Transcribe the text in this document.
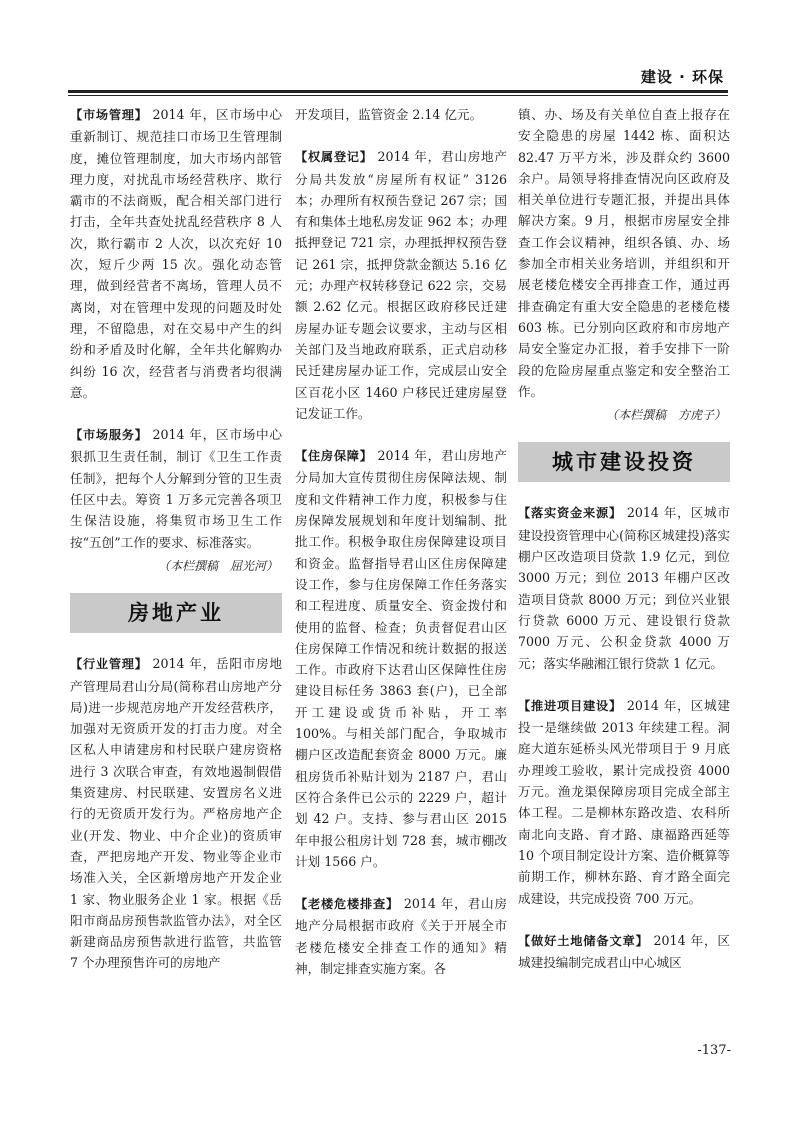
建设 · 环保

【市场管理】 2014 年，区市场中心重新制订、规范挂口市场卫生管理制度，摊位管理制度，加大市场内部管理力度，对扰乱市场经营秩序、欺行霸市的不法商贩，配合相关部门进行打击，全年共查处扰乱经营秩序 8 人次，欺行霸市 2 人次，以次充好 10 次，短斤少两 15 次。强化动态管理，做到经营者不离场，管理人员不离岗，对在管理中发现的问题及时处理，不留隐患，对在交易中产生的纠纷和矛盾及时化解，全年共化解购办纠纷 16 次，经营者与消费者均很满意。

【市场服务】 2014 年，区市场中心狠抓卫生责任制，制订《卫生工作责任制》，把每个人分解到分管的卫生责任区中去。筹资 1 万多元完善各项卫生保洁设施，将集贸市场卫生工作按“五创”工作的要求、标准落实。

（本栏撰稿　屈光河）
房地产业

【行业管理】 2014 年，岳阳市房地产管理局君山分局(简称君山房地产分局)进一步规范房地产开发经营秩序，加强对无资质开发的打击力度。对全区私人申请建房和村民联户建房资格进行 3 次联合审查，有效地遏制假借集资建房、村民联建、安置房名义进行的无资质开发行为。严格房地产企业(开发、物业、中介企业)的资质审查，严把房地产开发、物业等企业市场准入关，全区新增房地产开发企业 1 家、物业服务企业 1 家。根据《岳阳市商品房预售款监管办法》，对全区新建商品房预售款进行监管，共监管 7 个办理预售许可的房地产

开发项目，监管资金 2.14 亿元。

【权属登记】 2014 年，君山房地产分局共发放“房屋所有权证” 3126 本；办理所有权预告登记 267 宗；国有和集体土地私房发证 962 本；办理抵押登记 721 宗，办理抵押权预告登记 261 宗，抵押贷款金额达 5.16 亿元；办理产权转移登记 622 宗，交易额 2.62 亿元。根据区政府移民迁建房屋办证专题会议要求，主动与区相关部门及当地政府联系，正式启动移民迁建房屋办证工作，完成层山安全区百花小区 1460 户移民迁建房屋登记发证工作。

【住房保障】 2014 年，君山房地产分局加大宣传贯彻住房保障法规、制度和文件精神工作力度，积极参与住房保障发展规划和年度计划编制、批批工作。积极争取住房保障建设项目和资金。监督指导君山区住房保障建设工作，参与住房保障工作任务落实和工程进度、质量安全、资金拨付和使用的监督、检查；负责督促君山区住房保障工作情况和统计数据的报送工作。市政府下达君山区保障性住房建设目标任务 3863 套(户)，已全部开工建设或货币补贴，开工率 100%。与相关部门配合，争取城市棚户区改造配套资金 8000 万元。廉租房货币补贴计划为 2187 户，君山区符合条件已公示的 2229 户，超计划 42 户。支持、参与君山区 2015 年申报公租房计划 728 套，城市棚改计划 1566 户。

【老楼危楼排查】 2014 年，君山房地产分局根据市政府《关于开展全市老楼危楼安全排查工作的通知》精神，制定排查实施方案。各

镇、办、场及有关单位自查上报存在安全隐患的房屋 1442 栋、面积达 82.47 万平方米，涉及群众约 3600 余户。局领导将排查情况向区政府及相关单位进行专题汇报，并提出具体解决方案。9 月，根据市房屋安全排查工作会议精神，组织各镇、办、场参加全市相关业务培训，并组织和开展老楼危楼安全再排查工作，通过再排查确定有重大安全隐患的老楼危楼 603 栋。已分别向区政府和市房地产局安全鉴定办汇报，着手安排下一阶段的危险房屋重点鉴定和安全整治工作。

（本栏撰稿　方虎子）
城市建设投资

【落实资金来源】 2014 年，区城市建设投资管理中心(简称区城建投)落实棚户区改造项目贷款 1.9 亿元，到位 3000 万元；到位 2013 年棚户区改造项目贷款 8000 万元；到位兴业银行贷款 6000 万元、建设银行贷款 7000 万元、公积金贷款 4000 万元；落实华融湘江银行贷款 1 亿元。

【推进项目建设】 2014 年，区城建投一是继续做 2013 年续建工程。洞庭大道东延桥头风光带项目于 9 月底办理竣工验收，累计完成投资 4000 万元。渔龙渠保障房项目完成全部主体工程。二是柳林东路改造、农科所南北向支路、育才路、康福路西延等 10 个项目制定设计方案、造价概算等前期工作，柳林东路、育才路全面完成建设，共完成投资 700 万元。

【做好土地储备文章】 2014 年，区城建投编制完成君山中心城区

-137-
